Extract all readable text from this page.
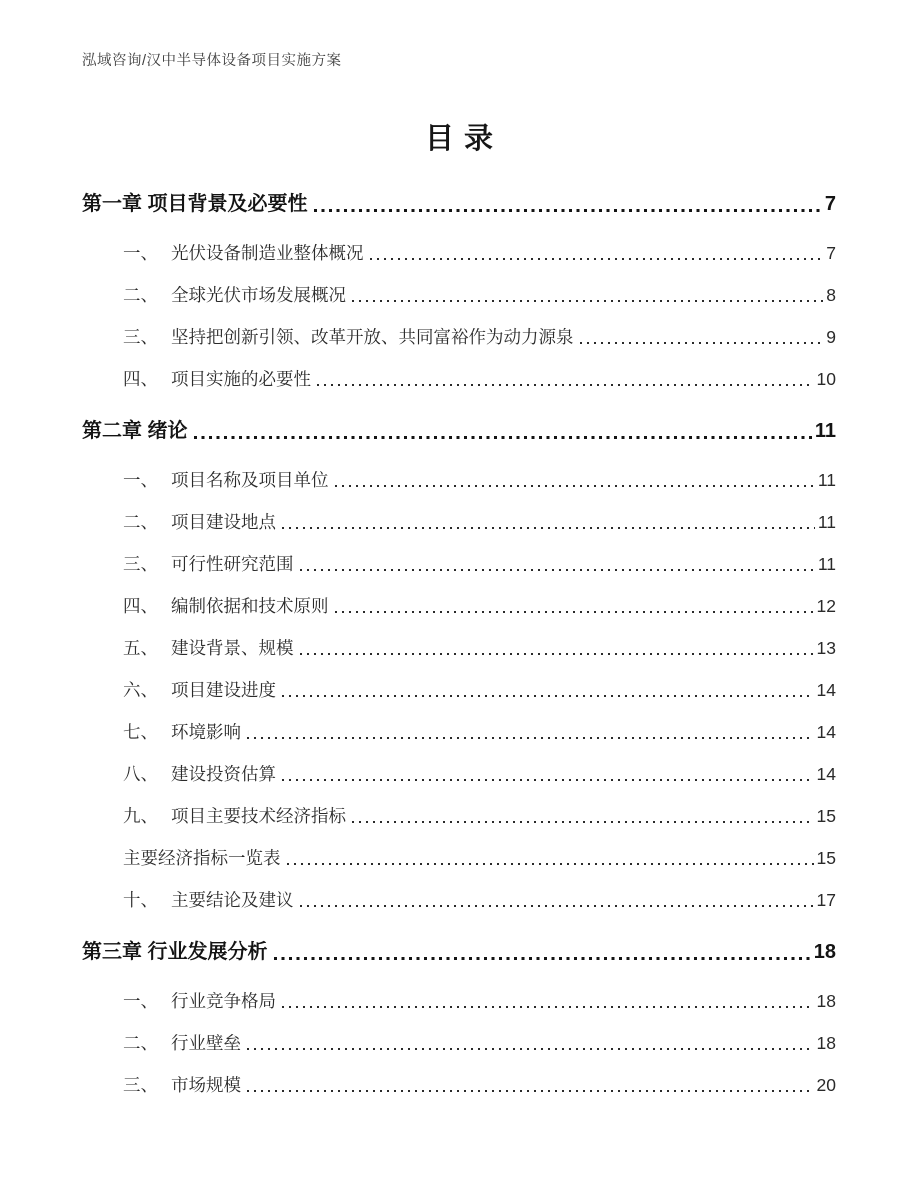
泓域咨询/汉中半导体设备项目实施方案
目录
第一章 项目背景及必要性	7
一、 光伏设备制造业整体概况	7
二、 全球光伏市场发展概况	8
三、 坚持把创新引领、改革开放、共同富裕作为动力源泉	9
四、 项目实施的必要性	10
第二章 绪论	11
一、 项目名称及项目单位	11
二、 项目建设地点	11
三、 可行性研究范围	11
四、 编制依据和技术原则	12
五、 建设背景、规模	13
六、 项目建设进度	14
七、 环境影响	14
八、 建设投资估算	14
九、 项目主要技术经济指标	15
主要经济指标一览表	15
十、 主要结论及建议	17
第三章 行业发展分析	18
一、 行业竞争格局	18
二、 行业壁垒	18
三、 市场规模	20
